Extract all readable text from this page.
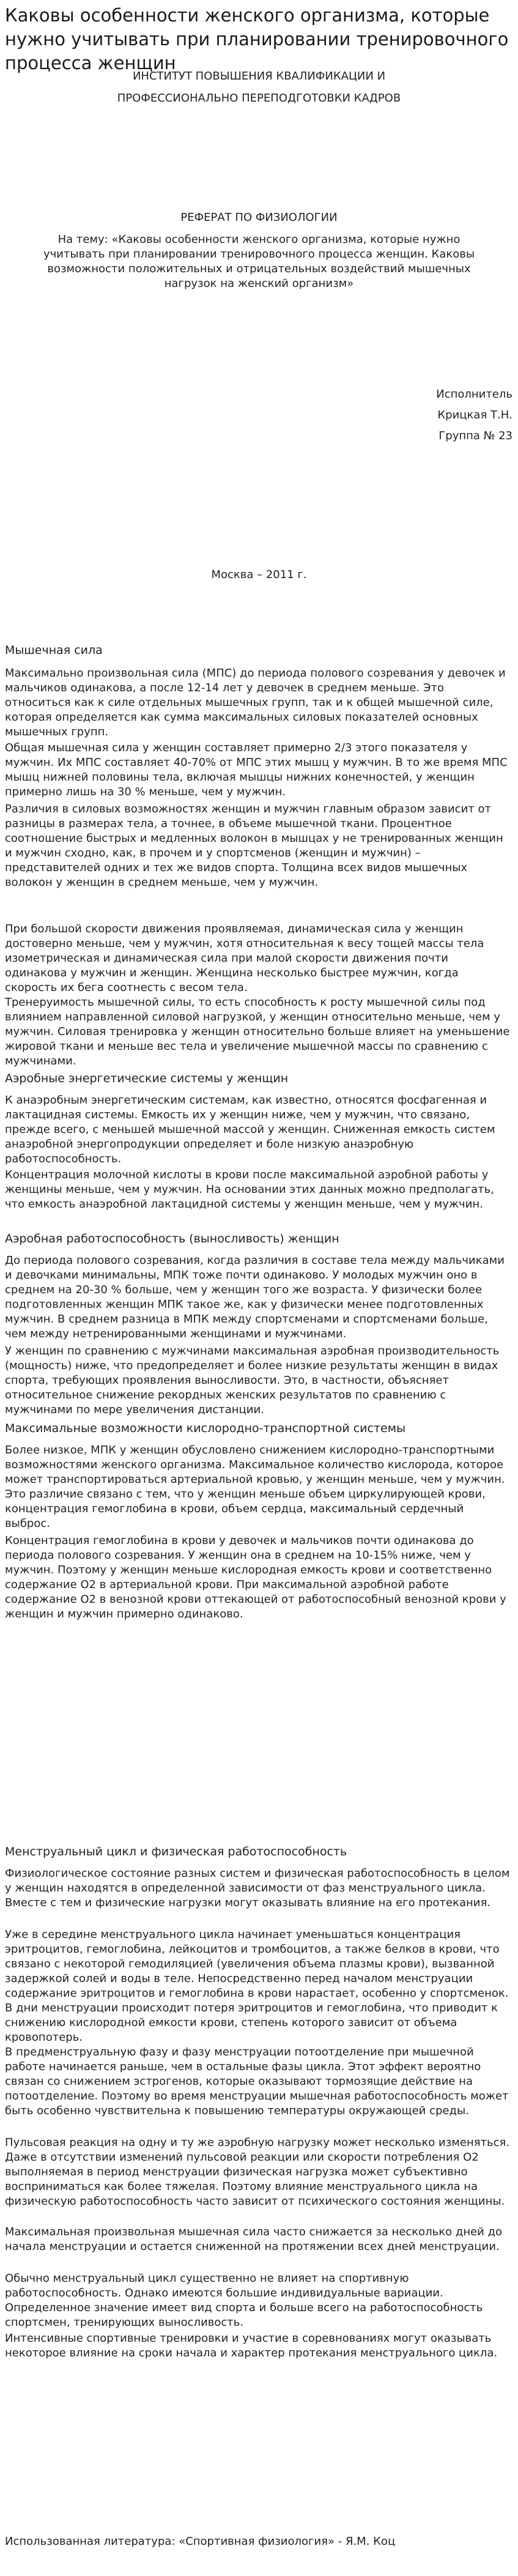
Каковы особенности женского организма, которые нужно учитывать при планировании тренировочного процесса женщин

ИНСТИТУТ ПОВЫШЕНИЯ КВАЛИФИКАЦИИ И

ПРОФЕССИОНАЛЬНО ПЕРЕПОДГОТОВКИ КАДРОВ

РЕФЕРАТ ПО ФИЗИОЛОГИИ

На тему: «Каковы особенности женского организма, которые нужно учитывать при планировании тренировочного процесса женщин. Каковы возможности положительных и отрицательных воздействий мышечных нагрузок на женский организм»

Исполнитель

Крицкая Т.Н.

Группа № 23

Москва – 2011 г.

Мышечная сила

Максимально произвольная сила (МПС) до периода полового созревания у девочек и мальчиков одинакова, а после 12-14 лет у девочек в среднем меньше. Это относиться как к силе отдельных мышечных групп, так и к общей мышечной силе, которая определяется как сумма максимальных силовых показателей основных мышечных групп.

Общая мышечная сила у женщин составляет примерно 2/3 этого показателя у мужчин. Их МПС составляет 40-70% от МПС этих мышц у мужчин. В то же время МПС мышц нижней половины тела, включая мышцы нижних конечностей, у женщин примерно лишь на 30 % меньше, чем у мужчин.

Различия в силовых возможностях женщин и мужчин главным образом зависит от разницы в размерах тела, а точнее, в объеме мышечной ткани. Процентное соотношение быстрых и медленных волокон в мышцах у не тренированных женщин и мужчин сходно, как, в прочем и у спортсменов (женщин и мужчин) – представителей одних и тех же видов спорта. Толщина всех видов мышечных волокон у женщин в среднем меньше, чем у мужчин.

При большой скорости движения проявляемая, динамическая сила у женщин достоверно меньше, чем у мужчин, хотя относительная к весу тощей массы тела изометрическая и динамическая сила при малой скорости движения почти одинакова у мужчин и женщин. Женщина несколько быстрее мужчин, когда скорость их бега соотнесть с весом тела.

Тренеруимость мышечной силы, то есть способность к росту мышечной силы под влиянием направленной силовой нагрузкой, у женщин относительно меньше, чем у мужчин. Силовая тренировка у женщин относительно больше влияет на уменьшение жировой ткани и меньше вес тела и увеличение мышечной массы по сравнению с мужчинами.

Аэробные энергетические системы у женщин

К анаэробным энергетическим системам, как известно, относятся фосфагенная и лактацидная системы. Емкость их у женщин ниже, чем у мужчин, что связано, прежде всего, с меньшей мышечной массой у женщин. Сниженная емкость систем анаэробной энергопродукции определяет и боле низкую анаэробную работоспособность.

Концентрация молочной кислоты в крови после максимальной аэробной работы у женщины меньше, чем у мужчин. На основании этих данных можно предполагать, что емкость анаэробной лактацидной системы у женщин меньше, чем у мужчин.

Аэробная работоспособность (выносливость) женщин

До периода полового созревания, когда различия в составе тела между мальчиками и девочками минимальны, МПК тоже почти одинаково. У молодых мужчин оно в среднем на 20-30 % больше, чем у женщин того же возраста. У физически более подготовленных женщин МПК такое же, как у физически менее подготовленных мужчин. В среднем разница в МПК между спортсменами и спортсменами больше, чем между нетренированными женщинами и мужчинами.

У женщин по сравнению с мужчинами максимальная аэробная производительность (мощность) ниже, что предопределяет и более низкие результаты женщин в видах спорта, требующих проявления выносливости. Это, в частности, объясняет относительное снижение рекордных женских результатов по сравнению с мужчинами по мере увеличения дистанции.

Максимальные возможности кислородно-транспортной системы

Более низкое, МПК у женщин обусловлено снижением кислородно-транспортными возможностями женского организма. Максимальное количество кислорода, которое может транспортироваться артериальной кровью, у женщин меньше, чем у мужчин. Это различие связано с тем, что у женщин меньше объем циркулирующей крови, концентрация гемоглобина в крови, объем сердца, максимальный сердечный выброс.

Концентрация гемоглобина в крови у девочек и мальчиков почти одинакова до периода полового созревания. У женщин она в среднем на 10-15% ниже, чем у мужчин. Поэтому у женщин меньше кислородная емкость крови и соответственно содержание О2 в артериальной крови. При максимальной аэробной работе содержание О2 в венозной крови оттекающей от работоспособный венозной крови у женщин и мужчин примерно одинаково.

Менструальный цикл и физическая работоспособность

Физиологическое состояние разных систем и физическая работоспособность в целом у женщин находятся в определенной зависимости от фаз менструального цикла. Вместе с тем и физические нагрузки могут оказывать влияние на его протекания.

Уже в середине менструального цикла начинает уменьшаться концентрация эритроцитов, гемоглобина, лейкоцитов и тромбоцитов, а также белков в крови, что связано с некоторой гемодиляцией (увеличения объема плазмы крови), вызванной задержкой солей и воды в теле. Непосредственно перед началом менструации содержание эритроцитов и гемоглобина в крови нарастает, особенно у спортсменок. В дни менструации происходит потеря эритроцитов и гемоглобина, что приводит к снижению кислородной емкости крови, степень которого зависит от объема кровопотерь.

В предменструальную фазу и фазу менструации потоотделение при мышечной работе начинается раньше, чем в остальные фазы цикла. Этот эффект вероятно связан со снижением эстрогенов, которые оказывают тормозящие действие на потоотделение. Поэтому во время менструации мышечная работоспособность может быть особенно чувствительна к повышению температуры окружающей среды.

Пульсовая реакция на одну и ту же аэробную нагрузку может несколько изменяться. Даже в отсутствии изменений пульсовой реакции или скорости потребления О2 выполняемая в период менструации физическая нагрузка может субъективно восприниматься как более тяжелая. Поэтому влияние менструального цикла на физическую работоспособность часто зависит от психического состояния женщины.

Максимальная произвольная мышечная сила часто снижается за несколько дней до начала менструации и остается сниженной на протяжении всех дней менструации.

Обычно менструальный цикл существенно не влияет на спортивную работоспособность. Однако имеются большие индивидуальные вариации. Определенное значение имеет вид спорта и больше всего на работоспособность спортсмен, тренирующих выносливость.

Интенсивные спортивные тренировки и участие в соревнованиях могут оказывать некоторое влияние на сроки начала и характер протекания менструального цикла.

Использованная литература: «Спортивная физиология» - Я.М. Коц
